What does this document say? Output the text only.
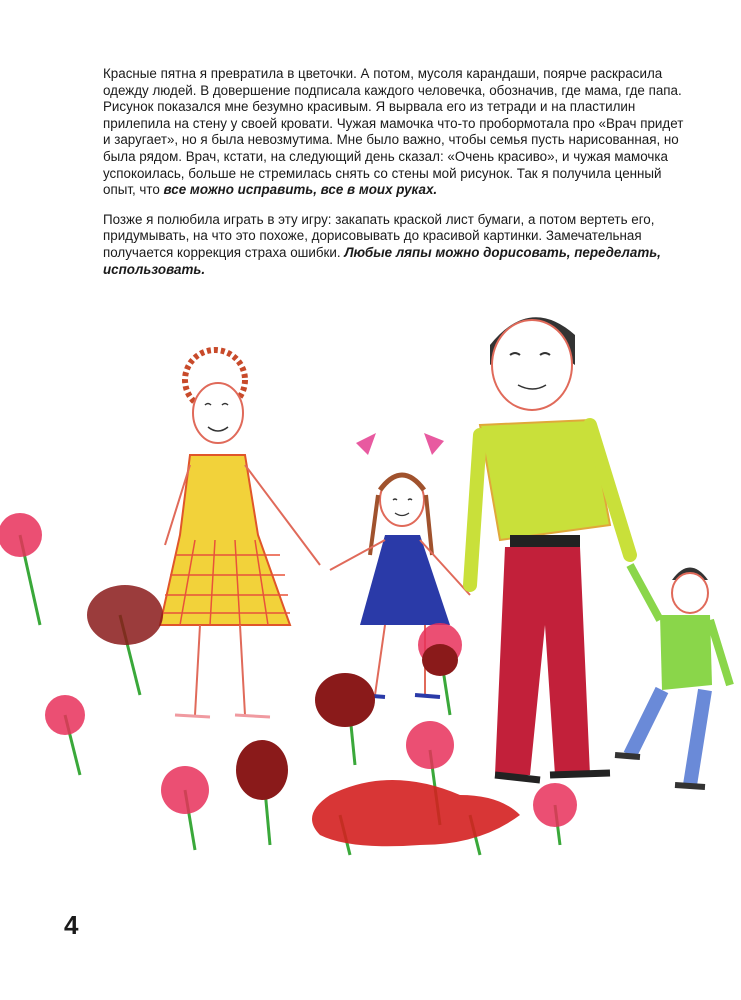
Красные пятна я превратила в цветочки. А потом, мусоля карандаши, поярче раскрасила одежду людей. В довершение подписала каждого человечка, обозначив, где мама, где папа. Рисунок показался мне безумно красивым. Я вырвала его из тетради и на пластилин прилепила на стену у своей кровати. Чужая мамочка что-то пробормотала про «Врач придет и заругает», но я была невозмутима. Мне было важно, чтобы семья пусть нарисованная, но была рядом. Врач, кстати, на следующий день сказал: «Очень красиво», и чужая мамочка успокоилась, больше не стремилась снять со стены мой рисунок. Так я получила ценный опыт, что все можно исправить, все в моих руках.

Позже я полюбила играть в эту игру: закапать краской лист бумаги, а потом вертеть его, придумывать, на что это похоже, дорисовывать до красивой картинки. Замечательная получается коррекция страха ошибки. Любые ляпы можно дорисовать, переделать, использовать.

4
